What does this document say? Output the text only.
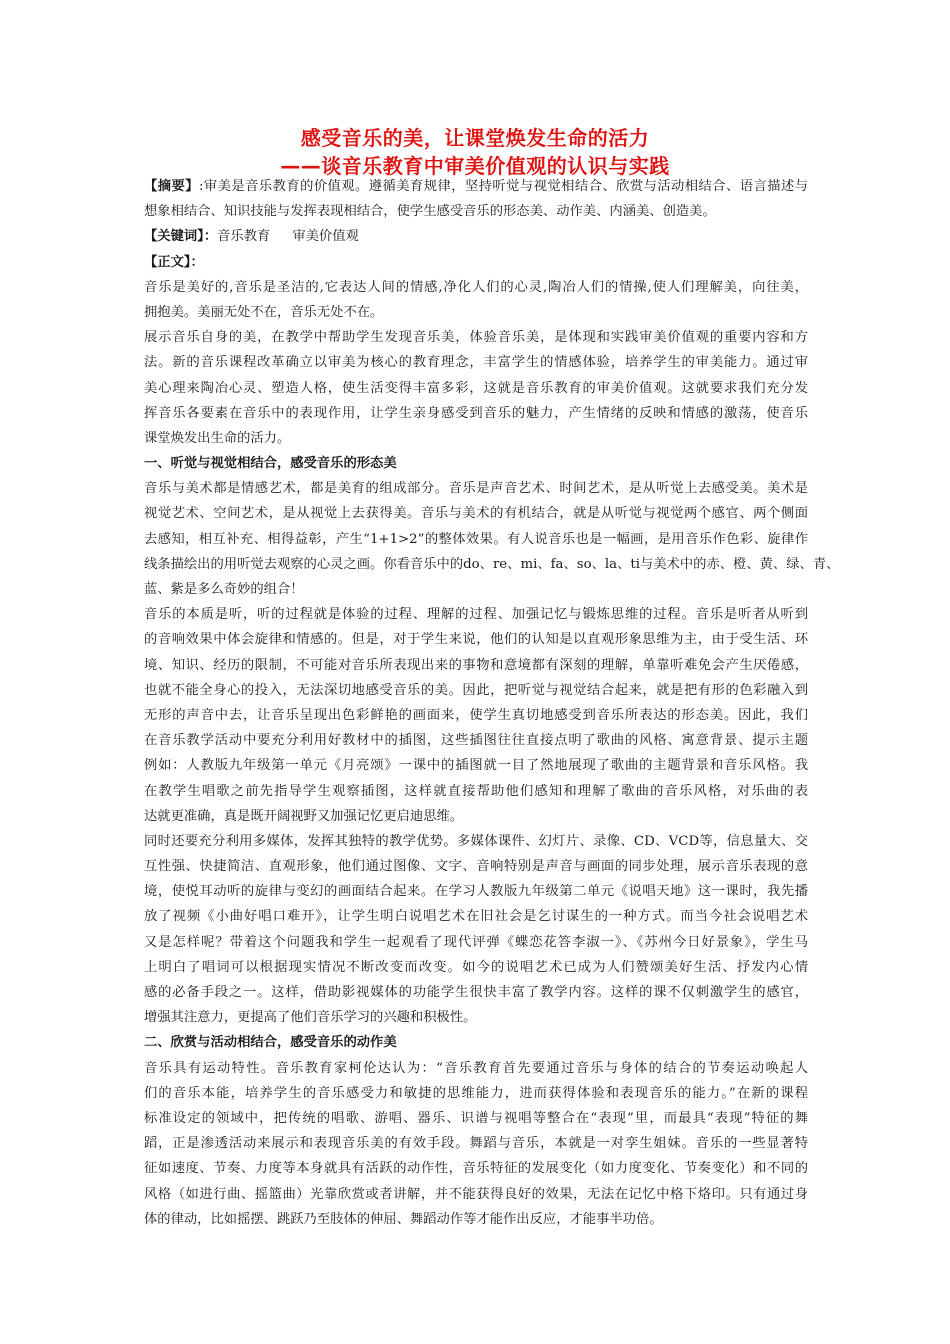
感受音乐的美，让课堂焕发生命的活力
——谈音乐教育中审美价值观的认识与实践
【摘要】:审美是音乐教育的价值观。遵循美育规律，坚持听觉与视觉相结合、欣赏与活动相结合、语言描述与
想象相结合、知识技能与发挥表现相结合，使学生感受音乐的形态美、动作美、内涵美、创造美。
【关键词】：音乐教育 审美价值观
【正文】：
音乐是美好的,音乐是圣洁的,它表达人间的情感,净化人们的心灵,陶冶人们的情操,使人们理解美，向往美，
拥抱美。美丽无处不在，音乐无处不在。
展示音乐自身的美，在教学中帮助学生发现音乐美，体验音乐美，是体现和实践审美价值观的重要内容和方
法。新的音乐课程改革确立以审美为核心的教育理念，丰富学生的情感体验，培养学生的审美能力。通过审
美心理来陶冶心灵、塑造人格，使生活变得丰富多彩，这就是音乐教育的审美价值观。这就要求我们充分发
挥音乐各要素在音乐中的表现作用，让学生亲身感受到音乐的魅力，产生情绪的反映和情感的激荡，使音乐
课堂焕发出生命的活力。
一、听觉与视觉相结合，感受音乐的形态美
音乐与美术都是情感艺术，都是美育的组成部分。音乐是声音艺术、时间艺术，是从听觉上去感受美。美术是
视觉艺术、空间艺术，是从视觉上去获得美。音乐与美术的有机结合，就是从听觉与视觉两个感官、两个侧面
去感知，相互补充、相得益彰，产生“1+1>2”的整体效果。有人说音乐也是一幅画，是用音乐作色彩、旋律作
线条描绘出的用听觉去观察的心灵之画。你看音乐中的do、re、mi、fa、so、la、ti与美术中的赤、橙、黄、绿、青、
蓝、紫是多么奇妙的组合！
音乐的本质是听，听的过程就是体验的过程、理解的过程、加强记忆与锻炼思维的过程。音乐是听者从听到
的音响效果中体会旋律和情感的。但是，对于学生来说，他们的认知是以直观形象思维为主，由于受生活、环
境、知识、经历的限制，不可能对音乐所表现出来的事物和意境都有深刻的理解，单靠听难免会产生厌倦感，
也就不能全身心的投入，无法深切地感受音乐的美。因此，把听觉与视觉结合起来，就是把有形的色彩融入到
无形的声音中去，让音乐呈现出色彩鲜艳的画面来，使学生真切地感受到音乐所表达的形态美。因此，我们
在音乐教学活动中要充分利用好教材中的插图，这些插图往往直接点明了歌曲的风格、寓意背景、提示主题
例如：人教版九年级第一单元《月亮颂》一课中的插图就一目了然地展现了歌曲的主题背景和音乐风格。我
在教学生唱歌之前先指导学生观察插图，这样就直接帮助他们感知和理解了歌曲的音乐风格，对乐曲的表
达就更准确，真是既开阔视野又加强记忆更启迪思维。
同时还要充分利用多媒体，发挥其独特的教学优势。多媒体课件、幻灯片、录像、CD、VCD等，信息量大、交
互性强、快捷简洁、直观形象，他们通过图像、文字、音响特别是声音与画面的同步处理，展示音乐表现的意
境，使悦耳动听的旋律与变幻的画面结合起来。在学习人教版九年级第二单元《说唱天地》这一课时，我先播
放了视频《小曲好唱口难开》，让学生明白说唱艺术在旧社会是乞讨谋生的一种方式。而当今社会说唱艺术
又是怎样呢？带着这个问题我和学生一起观看了现代评弹《蝶恋花答李淑一》、《苏州今日好景象》，学生马
上明白了唱词可以根据现实情况不断改变而改变。如今的说唱艺术已成为人们赞颂美好生活、抒发内心情
感的必备手段之一。这样，借助影视媒体的功能学生很快丰富了教学内容。这样的课不仅刺激学生的感官，
增强其注意力，更提高了他们音乐学习的兴趣和积极性。
二、欣赏与活动相结合，感受音乐的动作美
音乐具有运动特性。音乐教育家柯伦达认为：“音乐教育首先要通过音乐与身体的结合的节奏运动唤起人
们的音乐本能，培养学生的音乐感受力和敏捷的思维能力，进而获得体验和表现音乐的能力。”在新的课程
标准设定的领域中，把传统的唱歌、游唱、器乐、识谱与视唱等整合在“表现”里，而最具“表现”特征的舞
蹈，正是渗透活动来展示和表现音乐美的有效手段。舞蹈与音乐，本就是一对孪生姐妹。音乐的一些显著特
征如速度、节奏、力度等本身就具有活跃的动作性，音乐特征的发展变化（如力度变化、节奏变化）和不同的
风格（如进行曲、摇篮曲）光靠欣赏或者讲解，并不能获得良好的效果，无法在记忆中格下烙印。只有通过身
体的律动，比如摇摆、跳跃乃至肢体的伸屈、舞蹈动作等才能作出反应，才能事半功倍。
